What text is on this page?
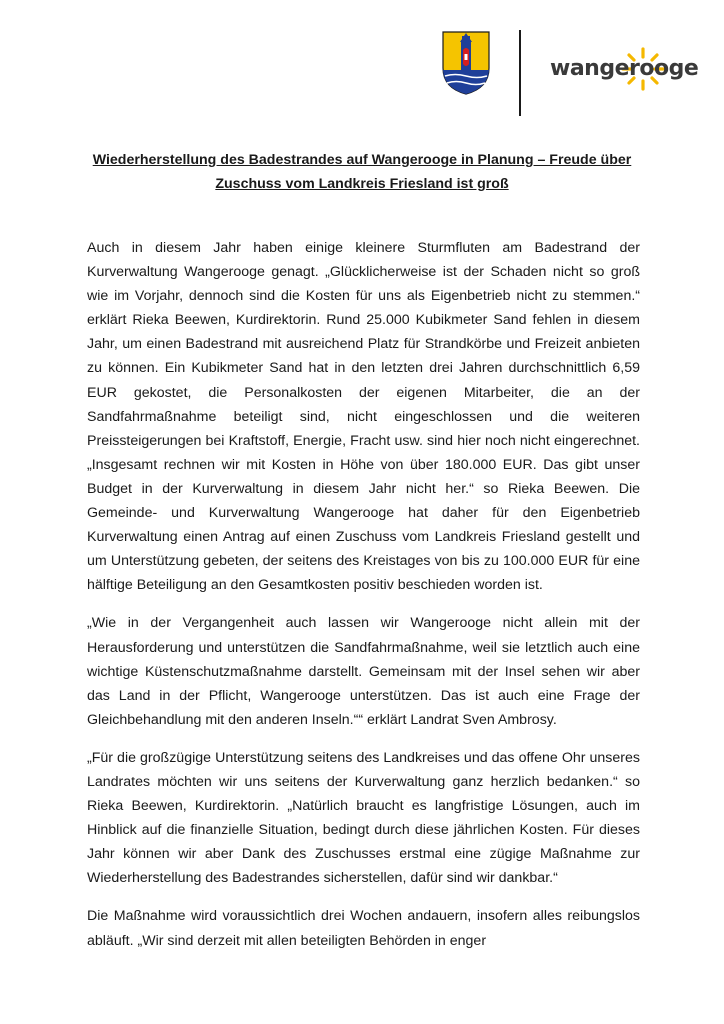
wangerooge
Wiederherstellung des Badestrandes auf Wangerooge in Planung – Freude über
Zuschuss vom Landkreis Friesland ist groß

Auch in diesem Jahr haben einige kleinere Sturmfluten am Badestrand der Kurverwaltung Wangerooge genagt. „Glücklicherweise ist der Schaden nicht so groß wie im Vorjahr, dennoch sind die Kosten für uns als Eigenbetrieb nicht zu stemmen.“ erklärt Rieka Beewen, Kurdirektorin. Rund 25.000 Kubikmeter Sand fehlen in diesem Jahr, um einen Badestrand mit ausreichend Platz für Strandkörbe und Freizeit anbieten zu können. Ein Kubikmeter Sand hat in den letzten drei Jahren durchschnittlich 6,59 EUR gekostet, die Personalkosten der eigenen Mitarbeiter, die an der Sandfahrmaßnahme beteiligt sind, nicht eingeschlossen und die weiteren Preissteigerungen bei Kraftstoff, Energie, Fracht usw. sind hier noch nicht eingerechnet. „Insgesamt rechnen wir mit Kosten in Höhe von über 180.000 EUR. Das gibt unser Budget in der Kurverwaltung in diesem Jahr nicht her.“ so Rieka Beewen. Die Gemeinde- und Kurverwaltung Wangerooge hat daher für den Eigenbetrieb Kurverwaltung einen Antrag auf einen Zuschuss vom Landkreis Friesland gestellt und um Unterstützung gebeten, der seitens des Kreistages von bis zu 100.000 EUR für eine hälftige Beteiligung an den Gesamtkosten positiv beschieden worden ist.

„Wie in der Vergangenheit auch lassen wir Wangerooge nicht allein mit der Herausforderung und unterstützen die Sandfahrmaßnahme, weil sie letztlich auch eine wichtige Küstenschutzmaßnahme darstellt. Gemeinsam mit der Insel sehen wir aber das Land in der Pflicht, Wangerooge unterstützen. Das ist auch eine Frage der Gleichbehandlung mit den anderen Inseln.““ erklärt Landrat Sven Ambrosy.

„Für die großzügige Unterstützung seitens des Landkreises und das offene Ohr unseres Landrates möchten wir uns seitens der Kurverwaltung ganz herzlich bedanken.“ so Rieka Beewen, Kurdirektorin. „Natürlich braucht es langfristige Lösungen, auch im Hinblick auf die finanzielle Situation, bedingt durch diese jährlichen Kosten. Für dieses Jahr können wir aber Dank des Zuschusses erstmal eine zügige Maßnahme zur Wiederherstellung des Badestrandes sicherstellen, dafür sind wir dankbar.“

Die Maßnahme wird voraussichtlich drei Wochen andauern, insofern alles reibungslos abläuft. „Wir sind derzeit mit allen beteiligten Behörden in enger
